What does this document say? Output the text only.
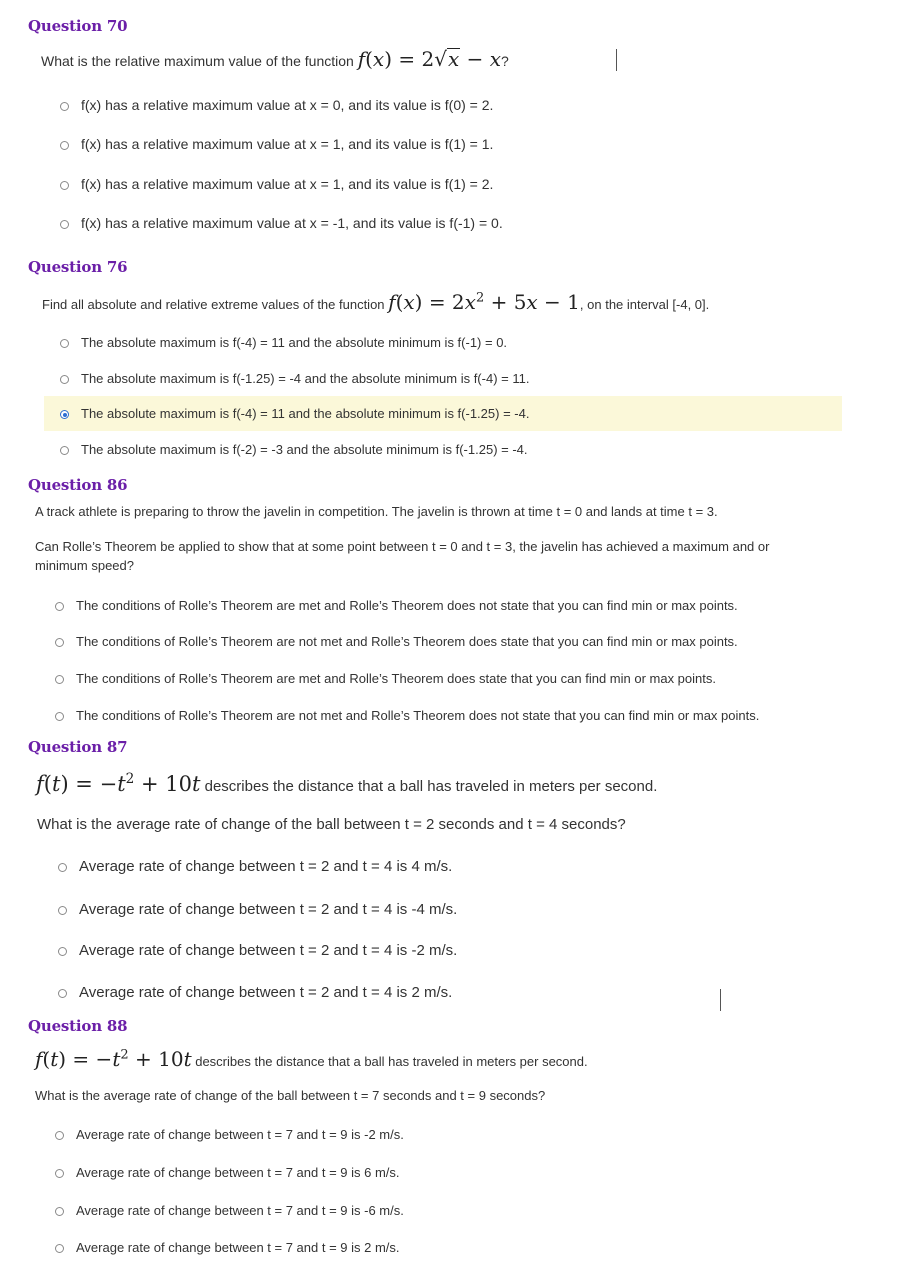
Question 70
What is the relative maximum value of the function f(x) = 2√x − x?
f(x) has a relative maximum value at x = 0, and its value is f(0) = 2.
f(x) has a relative maximum value at x = 1, and its value is f(1) = 1.
f(x) has a relative maximum value at x = 1, and its value is f(1) = 2.
f(x) has a relative maximum value at x = -1, and its value is f(-1) = 0.
Question 76
Find all absolute and relative extreme values of the function $f(x) = 2x^2 + 5x - 1$, on the interval [-4, 0].
The absolute maximum is f(-4) = 11 and the absolute minimum is f(-1) = 0.
The absolute maximum is f(-1.25) = -4 and the absolute minimum is f(-4) = 11.
The absolute maximum is f(-4) = 11 and the absolute minimum is f(-1.25) = -4.
The absolute maximum is f(-2) = -3 and the absolute minimum is f(-1.25) = -4.
Question 86
A track athlete is preparing to throw the javelin in competition. The javelin is thrown at time t = 0 and lands at time t = 3.
Can Rolle’s Theorem be applied to show that at some point between t = 0 and t = 3, the javelin has achieved a maximum and or
minimum speed?
The conditions of Rolle’s Theorem are met and Rolle’s Theorem does not state that you can find min or max points.
The conditions of Rolle’s Theorem are not met and Rolle’s Theorem does state that you can find min or max points.
The conditions of Rolle’s Theorem are met and Rolle’s Theorem does state that you can find min or max points.
The conditions of Rolle’s Theorem are not met and Rolle’s Theorem does not state that you can find min or max points.
Question 87
$f(t) = -t^2 + 10t$ describes the distance that a ball has traveled in meters per second.
What is the average rate of change of the ball between t = 2 seconds and t = 4 seconds?
Average rate of change between t = 2 and t = 4 is 4 m/s.
Average rate of change between t = 2 and t = 4 is -4 m/s.
Average rate of change between t = 2 and t = 4 is -2 m/s.
Average rate of change between t = 2 and t = 4 is 2 m/s.
Question 88
$f(t) = -t^2 + 10t$ describes the distance that a ball has traveled in meters per second.
What is the average rate of change of the ball between t = 7 seconds and t = 9 seconds?
Average rate of change between t = 7 and t = 9 is -2 m/s.
Average rate of change between t = 7 and t = 9 is 6 m/s.
Average rate of change between t = 7 and t = 9 is -6 m/s.
Average rate of change between t = 7 and t = 9 is 2 m/s.
